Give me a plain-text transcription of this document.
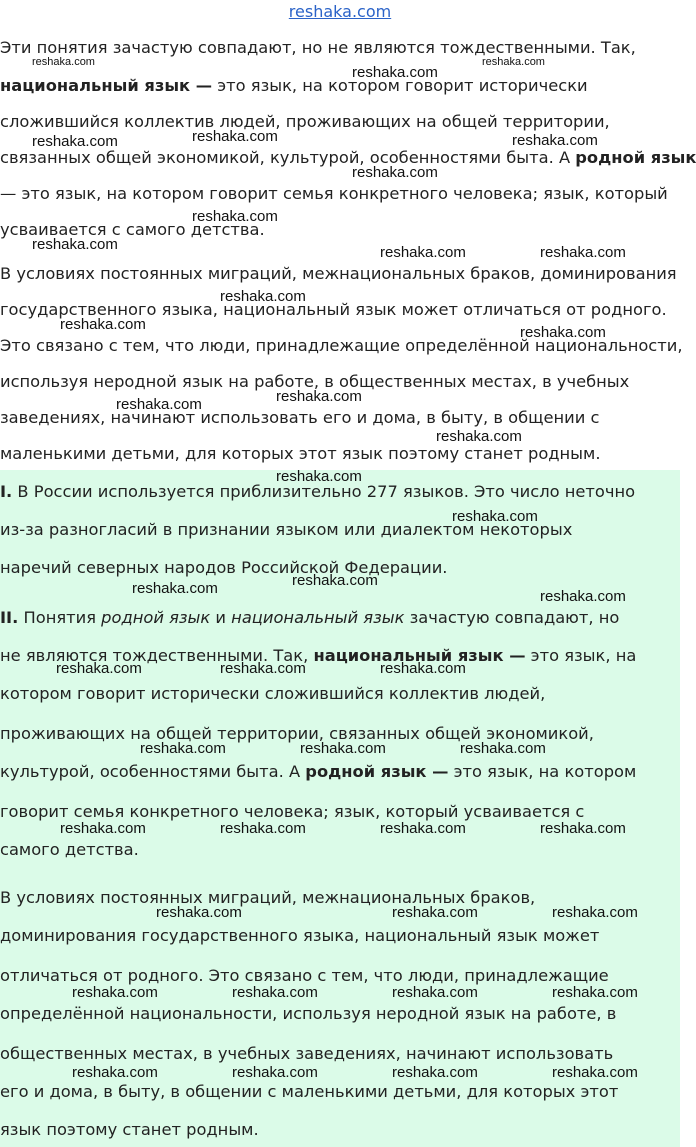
reshaka.com

Эти понятия зачастую совпадают, но не являются тождественными. Так,

национальный язык — это язык, на котором говорит исторически

сложившийся коллектив людей, проживающих на общей территории,

связанных общей экономикой, культурой, особенностями быта. А родной язык

— это язык, на котором говорит семья конкретного человека; язык, который

усваивается с самого детства.

В условиях постоянных миграций, межнациональных браков, доминирования

государственного языка, национальный язык может отличаться от родного.

Это связано с тем, что люди, принадлежащие определённой национальности,

используя неродной язык на работе, в общественных местах, в учебных

заведениях, начинают использовать его и дома, в быту, в общении с

маленькими детьми, для которых этот язык поэтому станет родным.

I. В России используется приблизительно 277 языков. Это число неточно

из-за разногласий в признании языком или диалектом некоторых

наречий северных народов Российской Федерации.

II. Понятия родной язык и национальный язык зачастую совпадают, но

не являются тождественными. Так, национальный язык — это язык, на

котором говорит исторически сложившийся коллектив людей,

проживающих на общей территории, связанных общей экономикой,

культурой, особенностями быта. А родной язык — это язык, на котором

говорит семья конкретного человека; язык, который усваивается с

самого детства.

В условиях постоянных миграций, межнациональных браков,

доминирования государственного языка, национальный язык может

отличаться от родного. Это связано с тем, что люди, принадлежащие

определённой национальности, используя неродной язык на работе, в

общественных местах, в учебных заведениях, начинают использовать

его и дома, в быту, в общении с маленькими детьми, для которых этот

язык поэтому станет родным.

reshaka.com	reshaka.com
reshaka.com
reshaka.com
reshaka.com	reshaka.com
reshaka.com
reshaka.com
reshaka.com	reshaka.com	reshaka.com
reshaka.com
reshaka.com	reshaka.com
reshaka.com
reshaka.com
reshaka.com
reshaka.com
reshaka.com
reshaka.com
reshaka.com	reshaka.com
reshaka.com	reshaka.com	reshaka.com
reshaka.com	reshaka.com	reshaka.com
reshaka.com	reshaka.com	reshaka.com	reshaka.com
reshaka.com	reshaka.com	reshaka.com
reshaka.com	reshaka.com	reshaka.com	reshaka.com
reshaka.com	reshaka.com	reshaka.com	reshaka.com
